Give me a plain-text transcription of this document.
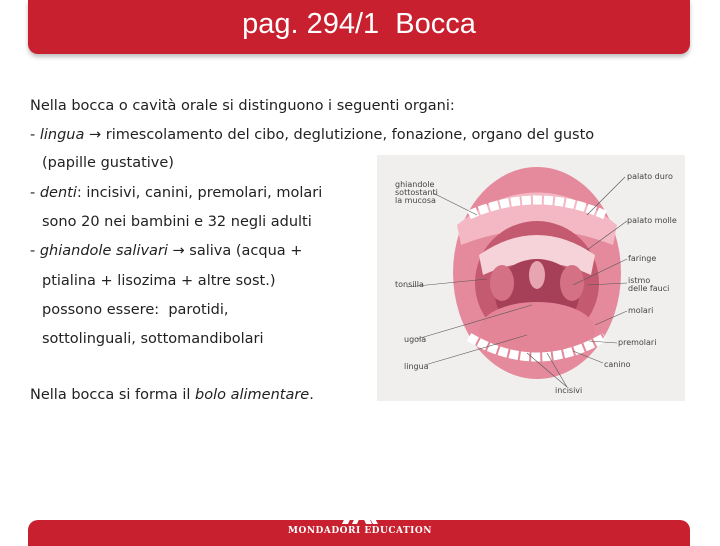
pag. 294/1  Bocca
Nella bocca o cavità orale si distinguono i seguenti organi:
- lingua → rimescolamento del cibo, deglutizione, fonazione, organo del gusto
(papille gustative)
- denti: incisivi, canini, premolari, molari
sono 20 nei bambini e 32 negli adulti
- ghiandole salivari → saliva (acqua +
ptialina + lisozima + altre sost.)
possono essere:  parotidi,
sottolinguali, sottomandibolari
Nella bocca si forma il bolo alimentare.
ghiandole
sottostanti
la mucosa
tonsilla
ugola
lingua
incisivi
palato duro
palato molle
faringe
istmo
delle fauci
molari
premolari
canino
MONDADORI EDUCATION
